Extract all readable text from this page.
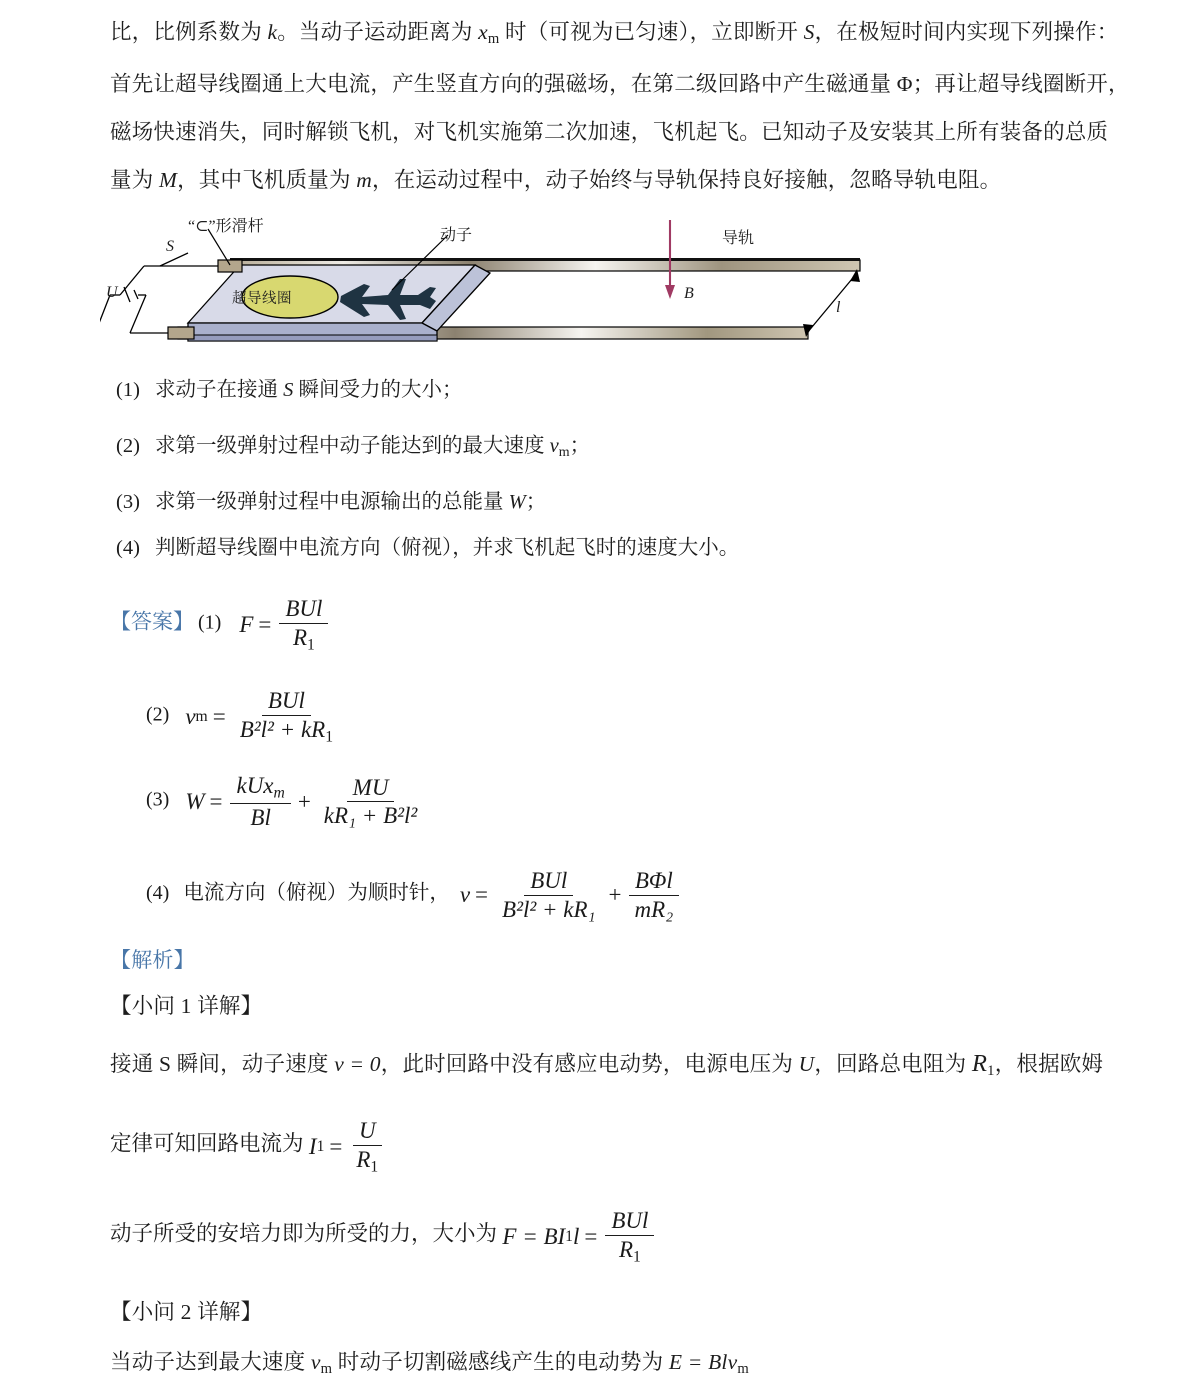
比，比例系数为 k。当动子运动距离为 xm 时（可视为已匀速），立即断开 S，在极短时间内实现下列操作：
首先让超导线圈通上大电流，产生竖直方向的强磁场，在第二级回路中产生磁通量 Φ；再让超导线圈断开，
磁场快速消失，同时解锁飞机，对飞机实施第二次加速，飞机起飞。已知动子及安装其上所有装备的总质
量为 M，其中飞机质量为 m，在运动过程中，动子始终与导轨保持良好接触，忽略导轨电阻。
“⊂”形滑杆
动子	导轨
S
U	B
l
超导线圈
(1) 求动子在接通 S 瞬间受力的大小；
(2) 求第一级弹射过程中动子能达到的最大速度 vm；
(3) 求第一级弹射过程中电源输出的总能量 W；
(4) 判断超导线圈中电流方向（俯视），并求飞机起飞时的速度大小。
【答案】 (1) $F = \frac{\text{BUl}}{R1}$
(2) v $m = \frac{\text{BUl}}{\text{B²l² + kR1}}$
(3) $W = \frac{kUx_m}{Bl} + \frac{MU}{\text{kR₁ + B²l²}}$
(4) 电流方向（俯视）为顺时针， $v = \frac{\text{BUl}}{\text{B²l² + kR₁}} + \frac{\text{BΦl}}{\text{mR₂}}$
【解析】
【小问 1 详解】
接通 S 瞬间，动子速度 v = 0，此时回路中没有感应电动势，电源电压为 U，回路总电阻为 R1，根据欧姆
定律可知回路电流为 I $1 = \frac{U}{R1}$
动子所受的安培力即为所受的力，大小为 F = BI 1 $l = \frac{\text{BUl}}{R1}$
【小问 2 详解】
当动子达到最大速度 vm 时动子切割磁感线产生的电动势为 E = Blvm
